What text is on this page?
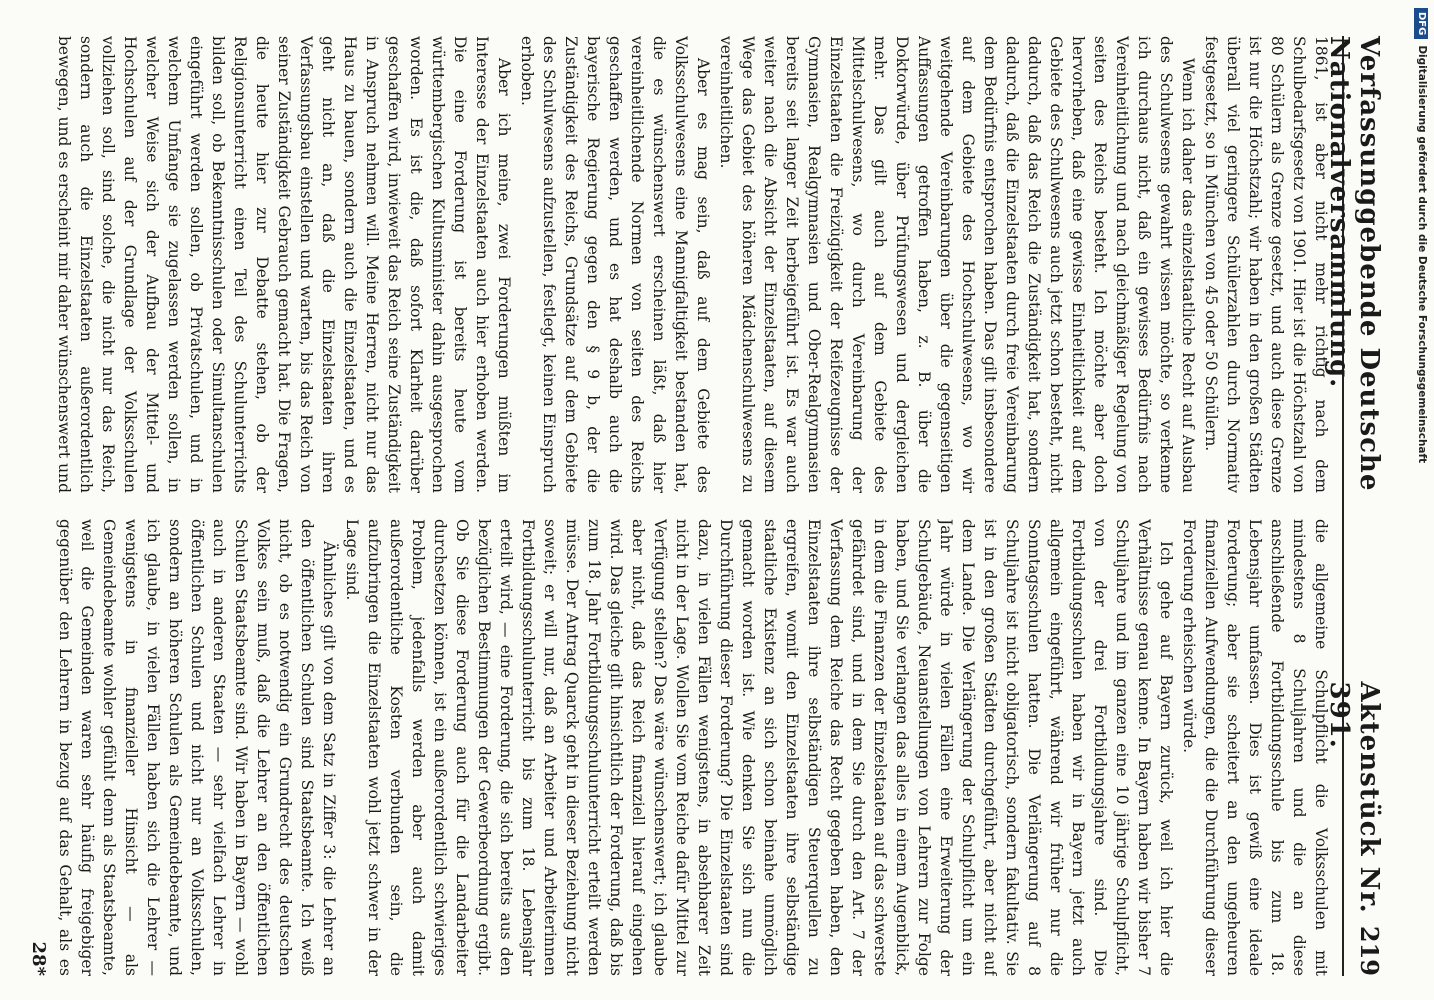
Verfassunggebende Deutsche Nationalversammlung.
Aktenstück Nr. 391.
219

1861, ist aber nicht mehr richtig nach dem Schulbedarfsgesetz von 1901. Hier ist die Höchstzahl von 80 Schülern als Grenze gesetzt, und auch diese Grenze ist nur die Höchstzahl; wir haben in den großen Städten überall viel geringere Schülerzahlen durch Normativ festgesetzt, so in München von 45 oder 50 Schülern.

Wenn ich daher das einzelstaatliche Recht auf Ausbau des Schulwesens gewahrt wissen möchte, so verkenne ich durchaus nicht, daß ein gewisses Bedürfnis nach Vereinheitlichung und nach gleichmäßiger Regelung von seiten des Reichs besteht. Ich möchte aber doch hervorheben, daß eine gewisse Einheitlichkeit auf dem Gebiete des Schulwesens auch jetzt schon besteht, nicht dadurch, daß das Reich die Zuständigkeit hat, sondern dadurch, daß die Einzelstaaten durch freie Vereinbarung dem Bedürfnis entsprochen haben. Das gilt insbesondere auf dem Gebiete des Hochschulwesens, wo wir weitgehende Vereinbarungen über die gegenseitigen Auffassungen getroffen haben, z. B. über die Doktorwürde, über Prüfungswesen und dergleichen mehr. Das gilt auch auf dem Gebiete des Mittelschulwesens, wo durch Vereinbarung der Einzelstaaten die Freizügigkeit der Reifezeugnisse der Gymnasien, Realgymnasien und Ober-Realgymnasien bereits seit langer Zeit herbeigeführt ist. Es war auch weiter nach die Absicht der Einzelstaaten, auf diesem Wege das Gebiet des höheren Mädchenschulwesens zu vereinheitlichen.

Aber es mag sein, daß auf dem Gebiete des Volksschulwesens eine Mannigfaltigkeit bestanden hat, die es wünschenswert erscheinen läßt, daß hier vereinheitlichende Normen von seiten des Reichs geschaffen werden, und es hat deshalb auch die bayerische Regierung gegen den § 9 b, der die Zuständigkeit des Reichs, Grundsätze auf dem Gebiete des Schulwesens aufzustellen, festlegt, keinen Einspruch erhoben.

Aber ich meine, zwei Forderungen müßten im Interesse der Einzelstaaten auch hier erhoben werden. Die eine Forderung ist bereits heute vom württembergischen Kultusminister dahin ausgesprochen worden. Es ist die, daß sofort Klarheit darüber geschaffen wird, inwieweit das Reich seine Zuständigkeit in Anspruch nehmen will. Meine Herren, nicht nur das Haus zu bauen, sondern auch die Einzelstaaten, und es geht nicht an, daß die Einzelstaaten ihren Verfassungsbau einstellen und warten, bis das Reich von seiner Zuständigkeit Gebrauch gemacht hat. Die Fragen, die heute hier zur Debatte stehen, ob der Religionsunterricht einen Teil des Schulunterrichts bilden soll, ob Bekenntnisschulen oder Simultanschulen eingeführt werden sollen, ob Privatschulen, und in welchem Umfange sie zugelassen werden sollen, in welcher Weise sich der Aufbau der Mittel- und Hochschulen auf der Grundlage der Volksschulen vollziehen soll, sind solche, die nicht nur das Reich, sondern auch die Einzelstaaten außerordentlich bewegen, und es erscheint mir daher wünschenswert und

die allgemeine Schulpflicht die Volksschulen mit mindestens 8 Schuljahren und die an diese anschließende Fortbildungsschule bis zum 18. Lebensjahr umfassen. Dies ist gewiß eine ideale Forderung; aber sie scheitert an den ungeheuren finanziellen Aufwendungen, die die Durchführung dieser Forderung erheischen würde.

Ich gehe auf Bayern zurück, weil ich hier die Verhältnisse genau kenne. In Bayern haben wir bisher 7 Schuljahre und im ganzen eine 10 jährige Schulpflicht, von der drei Fortbildungsjahre sind. Die Fortbildungsschulen haben wir in Bayern jetzt auch allgemein eingeführt, während wir früher nur die Sonntagsschulen hatten. Die Verlängerung auf 8 Schuljahre ist nicht obligatorisch, sondern fakultativ. Sie ist in den großen Städten durchgeführt, aber nicht auf dem Lande. Die Verlängerung der Schulpflicht um ein Jahr würde in vielen Fällen eine Erweiterung der Schulgebäude, Neuanstellungen von Lehrern zur Folge haben, und Sie verlangen das alles in einem Augenblick, in dem die Finanzen der Einzelstaaten auf das schwerste gefährdet sind, und in dem Sie durch den Art. 7 der Verfassung dem Reiche das Recht gegeben haben, den Einzelstaaten ihre selbständigen Steuerquellen zu ergreifen, womit den Einzelstaaten ihre selbständige staatliche Existenz an sich schon beinahe unmöglich gemacht worden ist. Wie denken Sie sich nun die Durchführung dieser Forderung? Die Einzelstaaten sind dazu, in vielen Fällen wenigstens, in absehbarer Zeit nicht in der Lage. Wollen Sie vom Reiche dafür Mittel zur Verfügung stellen? Das wäre wünschenswert; ich glaube aber nicht, daß das Reich finanziell hierauf eingehen wird. Das gleiche gilt hinsichtlich der Forderung, daß bis zum 18. Jahr Fortbildungsschulunterricht erteilt werden müsse. Der Antrag Quarck geht in dieser Beziehung nicht soweit; er will nur, daß an Arbeiter und Arbeiterinnen Fortbildungsschulunterricht bis zum 18. Lebensjahr erteilt wird, — eine Forderung, die sich bereits aus den bezüglichen Bestimmungen der Gewerbeordnung ergibt. Ob Sie diese Forderung auch für die Landarbeiter durchsetzen können, ist ein außerordentlich schwieriges Problem, jedenfalls werden aber auch damit außerordentliche Kosten verbunden sein, die aufzubringen die Einzelstaaten wohl jetzt schwer in der Lage sind.

Ähnliches gilt von dem Satz in Ziffer 3: die Lehrer an den öffentlichen Schulen sind Staatsbeamte. Ich weiß nicht, ob es notwendig ein Grundrecht des deutschen Volkes sein muß, daß die Lehrer an den öffentlichen Schulen Staatsbeamte sind. Wir haben in Bayern — wohl auch in anderen Staaten — sehr vielfach Lehrer in öffentlichen Schulen und nicht nur an Volksschulen, sondern an höheren Schulen als Gemeindebeamte, und ich glaube, in vielen Fällen haben sich die Lehrer — wenigstens in finanzieller Hinsicht — als Gemeindebeamte wohler gefühlt denn als Staatsbeamte, weil die Gemeinden waren sehr häufig freigebiger gegenüber den Lehrern in bezug auf das Gehalt, als es

28*
DFGDigitalisierung gefördert durch die Deutsche Forschungsgemeinschaft
